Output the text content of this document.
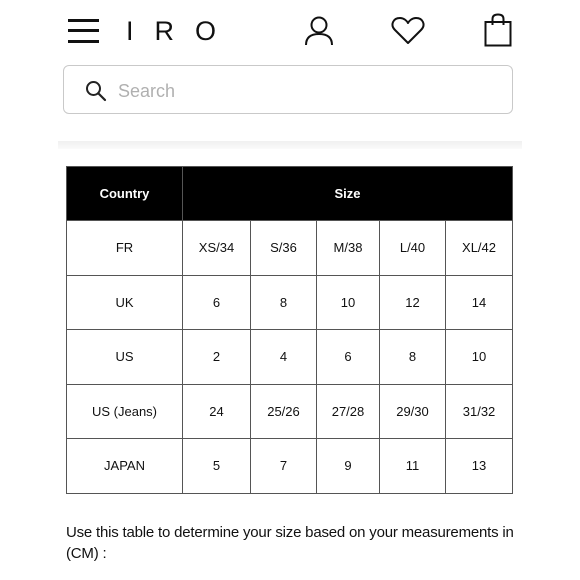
IRO
Search
Country	Size				
FR	XS/34	S/36	M/38	L/40	XL/42
UK	6	8	10	12	14
US	2	4	6	8	10
US (Jeans)	24	25/26	27/28	29/30	31/32
JAPAN	5	7	9	11	13
Use this table to determine your size based on your measurements in (CM) :
